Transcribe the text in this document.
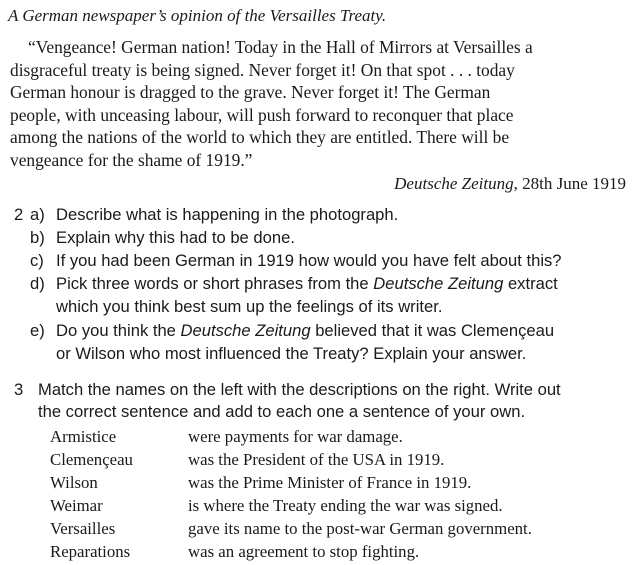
A German newspaper’s opinion of the Versailles Treaty.
“Vengeance! German nation! Today in the Hall of Mirrors at Versailles a
disgraceful treaty is being signed. Never forget it! On that spot . . . today
German honour is dragged to the grave. Never forget it! The German
people, with unceasing labour, will push forward to reconquer that place
among the nations of the world to which they are entitled. There will be
vengeance for the shame of 1919.”
Deutsche Zeitung, 28th June 1919
2 a) Describe what is happening in the photograph.
b) Explain why this had to be done.
c) If you had been German in 1919 how would you have felt about this?
d) Pick three words or short phrases from the Deutsche Zeitung extract
which you think best sum up the feelings of its writer.
e) Do you think the Deutsche Zeitung believed that it was Clemençeau
or Wilson who most influenced the Treaty? Explain your answer.
3 Match the names on the left with the descriptions on the right. Write out
the correct sentence and add to each one a sentence of your own.
Armistice	were payments for war damage.
Clemençeau	was the President of the USA in 1919.
Wilson	was the Prime Minister of France in 1919.
Weimar	is where the Treaty ending the war was signed.
Versailles	gave its name to the post-war German government.
Reparations	was an agreement to stop fighting.
